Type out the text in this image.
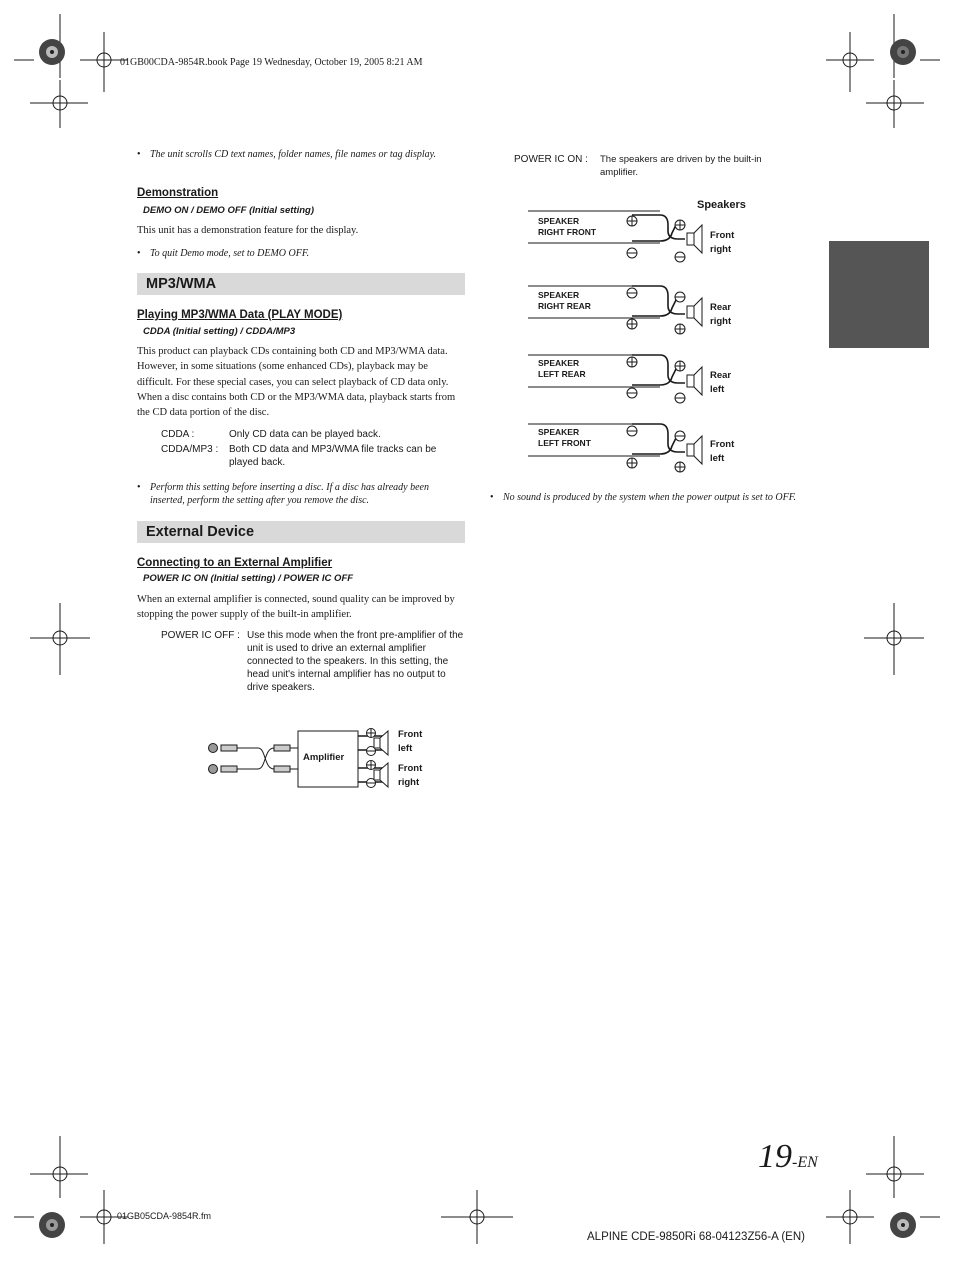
01GB00CDA-9854R.book Page 19 Wednesday, October 19, 2005 8:21 AM
19-EN
01GB05CDA-9854R.fm
ALPINE CDE-9850Ri 68-04123Z56-A (EN)
• The unit scrolls CD text names, folder names, file names or tag display.
Demonstration
DEMO ON / DEMO OFF (Initial setting)
This unit has a demonstration feature for the display.
• To quit Demo mode, set to DEMO OFF.
MP3/WMA
Playing MP3/WMA Data (PLAY MODE)
CDDA (Initial setting) / CDDA/MP3
This product can playback CDs containing both CD and MP3/WMA data. However, in some situations (some enhanced CDs), playback may be difficult. For these special cases, you can select playback of CD data only. When a disc contains both CD or the MP3/WMA data, playback starts from the CD data portion of the disc.
CDDA :	Only CD data can be played back.
CDDA/MP3 : Both CD data and MP3/WMA file tracks can be played back.
• Perform this setting before inserting a disc. If a disc has already been inserted, perform the setting after you remove the disc.
External Device
Connecting to an External Amplifier
POWER IC ON (Initial setting) / POWER IC OFF
When an external amplifier is connected, sound quality can be improved by stopping the power supply of the built-in amplifier.
POWER IC OFF : Use this mode when the front pre-amplifier of the unit is used to drive an external amplifier connected to the speakers. In this setting, the head unit's internal amplifier has no output to drive speakers.
Amplifier
Front
left
Front
right
POWER IC ON : The speakers are driven by the built-in amplifier.
Speakers
SPEAKER
RIGHT FRONT
SPEAKER
RIGHT REAR
SPEAKER
LEFT REAR
SPEAKER
LEFT FRONT
Front
right
Rear
right
Rear
left
Front
left
• No sound is produced by the system when the power output is set to OFF.
